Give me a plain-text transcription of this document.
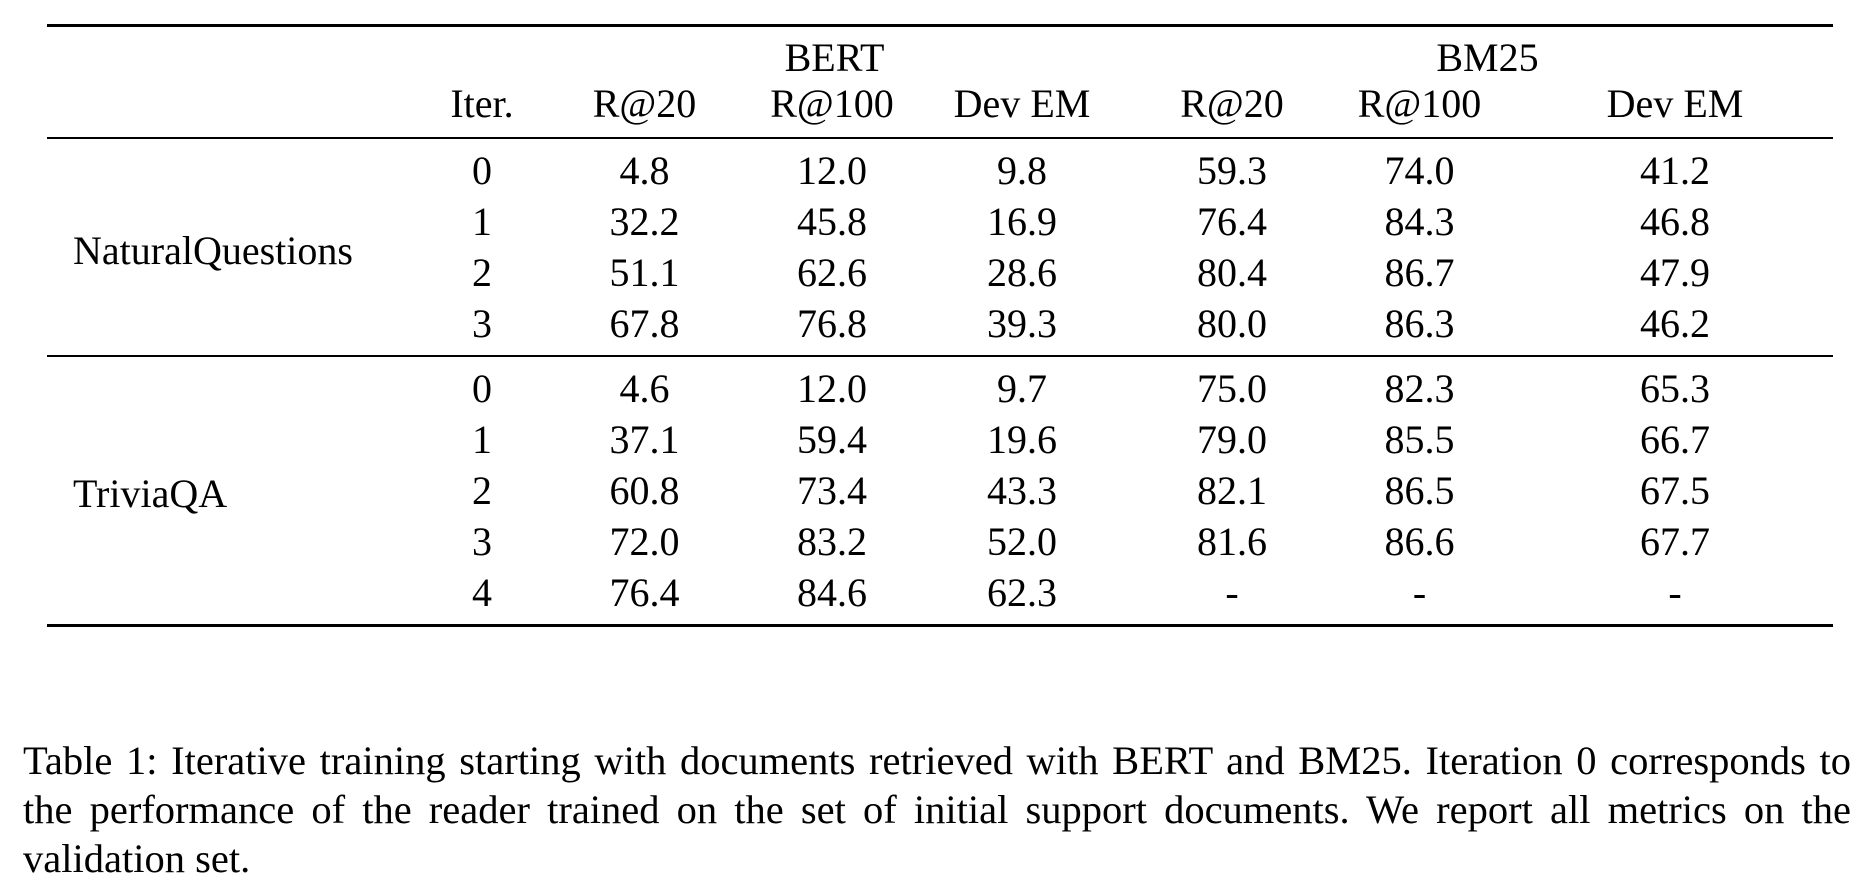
		BERT				BM25		
	Iter.	R@20	R@100	Dev EM		R@20	R@100	Dev EM

NaturalQuestions	0	4.8	12.0	9.8		59.3	74.0	41.2
	1	32.2	45.8	16.9		76.4	84.3	46.8
	2	51.1	62.6	28.6		80.4	86.7	47.9
	3	67.8	76.8	39.3		80.0	86.3	46.2

TriviaQA	0	4.6	12.0	9.7		75.0	82.3	65.3
	1	37.1	59.4	19.6		79.0	85.5	66.7
	2	60.8	73.4	43.3		82.1	86.5	67.5
	3	72.0	83.2	52.0		81.6	86.6	67.7
	4	76.4	84.6	62.3		-	-	-

Table 1: Iterative training starting with documents retrieved with BERT and BM25. Iteration 0 corresponds to the performance of the reader trained on the set of initial support documents. We report all metrics on the validation set.
